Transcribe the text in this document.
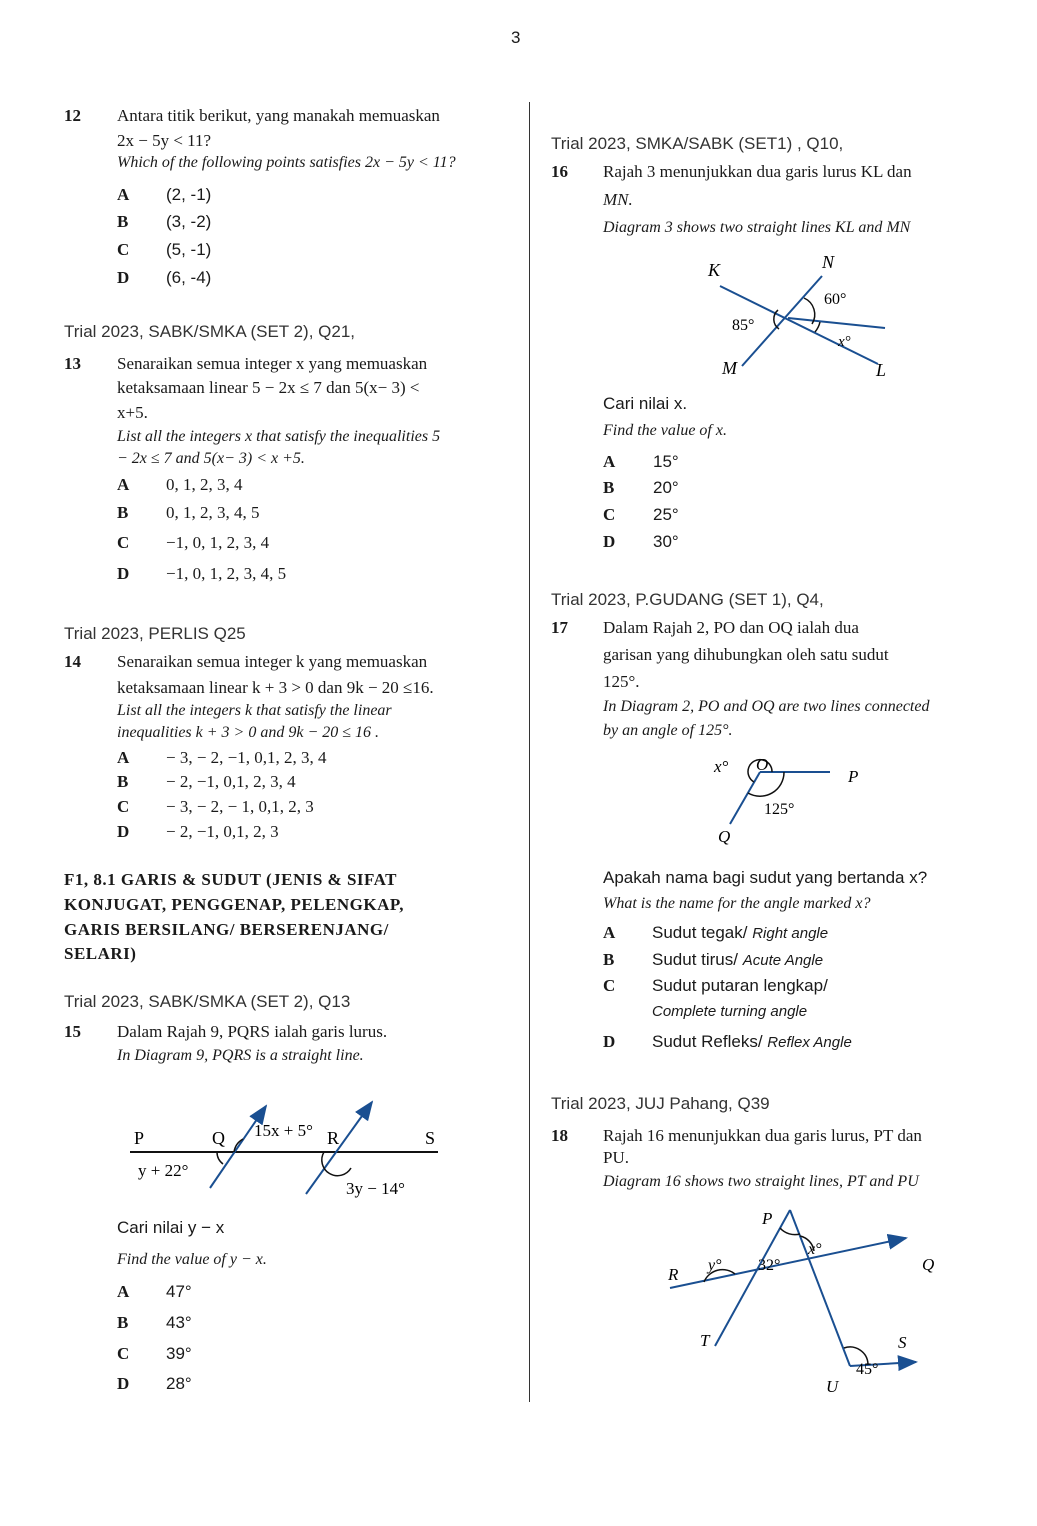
3
12 Antara titik berikut, yang manakah memuaskan
2x − 5y < 11?
Which of the following points satisfies 2x − 5y < 11?
A (2, -1)
B (3, -2)
C (5, -1)
D (6, -4)
Trial 2023, SABK/SMKA (SET 2), Q21,
13 Senaraikan semua integer x yang memuaskan
ketaksamaan linear 5 − 2x ≤ 7 dan 5(x− 3) <
x+5.
List all the integers x that satisfy the inequalities 5
− 2x ≤ 7 and 5(x− 3) < x +5.
A 0, 1, 2, 3, 4
B 0, 1, 2, 3, 4, 5
C −1, 0, 1, 2, 3, 4
D −1, 0, 1, 2, 3, 4, 5
Trial 2023, PERLIS Q25
14 Senaraikan semua integer k yang memuaskan
ketaksamaan linear k + 3 > 0 dan 9k − 20 ≤16.
List all the integers k that satisfy the linear
inequalities k + 3 > 0 and 9k − 20 ≤ 16 .
A − 3, − 2, −1, 0,1, 2, 3, 4
B − 2, −1, 0,1, 2, 3, 4
C − 3, − 2, − 1, 0,1, 2, 3
D − 2, −1, 0,1, 2, 3
F1, 8.1 GARIS & SUDUT (JENIS & SIFAT
KONJUGAT, PENGGENAP, PELENGKAP,
GARIS BERSILANG/ BERSERENJANG/
SELARI)
Trial 2023, SABK/SMKA (SET 2), Q13
15 Dalam Rajah 9, PQRS ialah garis lurus.
In Diagram 9, PQRS is a straight line.
P	Q	R	S
15x + 5°
y + 22°
3y − 14°
Cari nilai y − x
Find the value of y − x.
A 47°
B 43°
C 39°
D 28°
Trial 2023, SMKA/SABK (SET1) , Q10,
16 Rajah 3 menunjukkan dua garis lurus KL dan
MN.
Diagram 3 shows two straight lines KL and MN
K	N
M	L
60°
85°
x°
Cari nilai x.
Find the value of x.
A 15°
B 20°
C 25°
D 30°
Trial 2023, P.GUDANG (SET 1), Q4,
17 Dalam Rajah 2, PO dan OQ ialah dua
garisan yang dihubungkan oleh satu sudut
125°.
In Diagram 2, PO and OQ are two lines connected
by an angle of 125°.
x° O
P
125°
Q
Apakah nama bagi sudut yang bertanda x?
What is the name for the angle marked x?
A Sudut tegak/ Right angle
B Sudut tirus/ Acute Angle
C Sudut putaran lengkap/
Complete turning angle
D Sudut Refleks/ Reflex Angle
Trial 2023, JUJ Pahang, Q39
18 Rajah 16 menunjukkan dua garis lurus, PT dan
PU.
Diagram 16 shows two straight lines, PT and PU
P
R
Q
T	S
U
y° 32°
x°
45°
